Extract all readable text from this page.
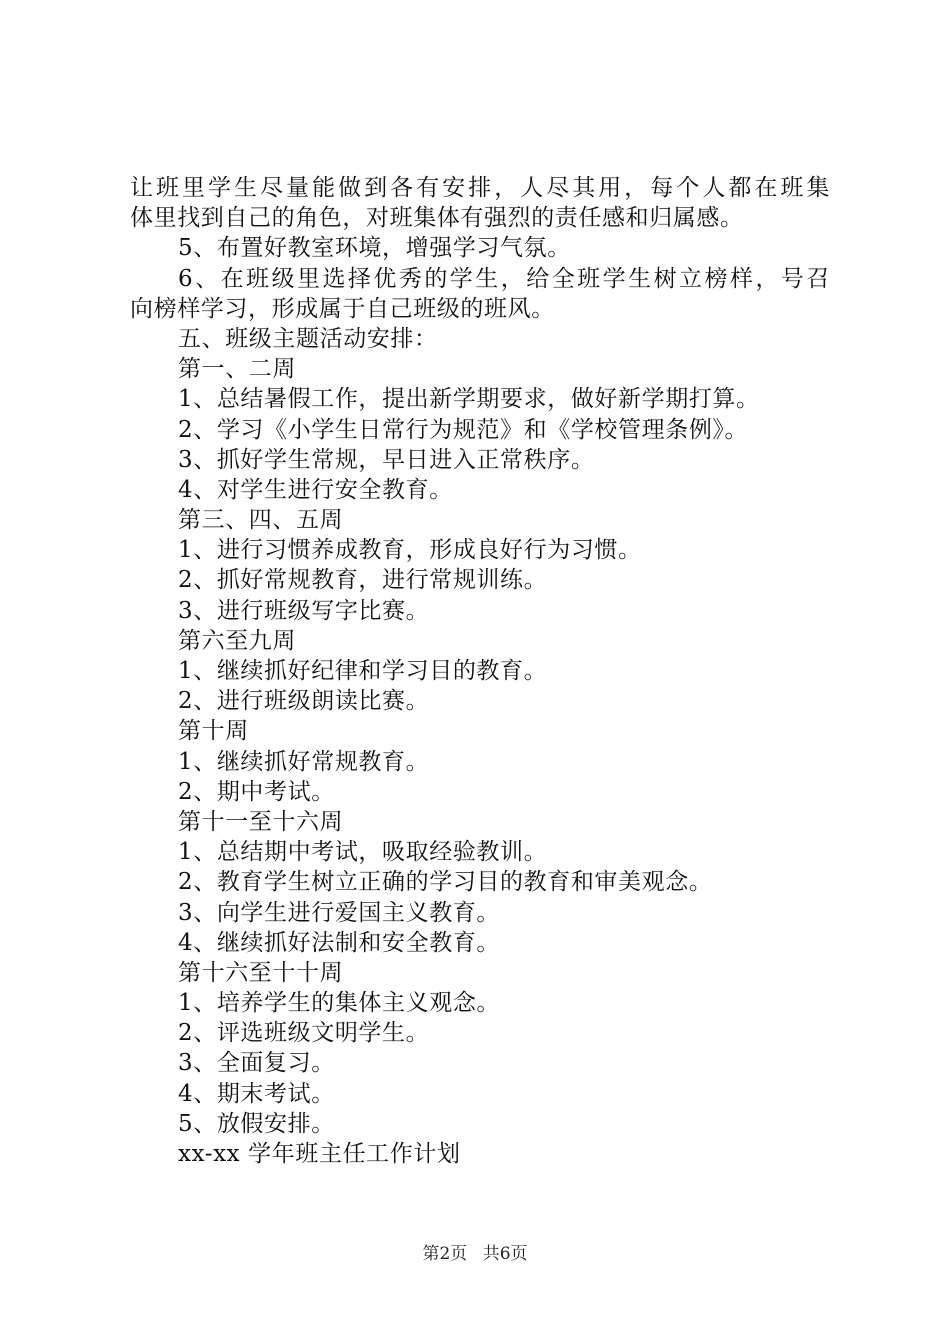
让班里学生尽量能做到各有安排，人尽其用，每个人都在班集
体里找到自己的角色，对班集体有强烈的责任感和归属感。
5、布置好教室环境，增强学习气氛。
6、在班级里选择优秀的学生，给全班学生树立榜样，号召
向榜样学习，形成属于自己班级的班风。
五、班级主题活动安排：
第一、二周
1、总结暑假工作，提出新学期要求，做好新学期打算。
2、学习《小学生日常行为规范》和《学校管理条例》。
3、抓好学生常规，早日进入正常秩序。
4、对学生进行安全教育。
第三、四、五周
1、进行习惯养成教育，形成良好行为习惯。
2、抓好常规教育，进行常规训练。
3、进行班级写字比赛。
第六至九周
1、继续抓好纪律和学习目的教育。
2、进行班级朗读比赛。
第十周
1、继续抓好常规教育。
2、期中考试。
第十一至十六周
1、总结期中考试，吸取经验教训。
2、教育学生树立正确的学习目的教育和审美观念。
3、向学生进行爱国主义教育。
4、继续抓好法制和安全教育。
第十六至十十周
1、培养学生的集体主义观念。
2、评选班级文明学生。
3、全面复习。
4、期末考试。
5、放假安排。
xx-xx 学年班主任工作计划
第2页 共6页
